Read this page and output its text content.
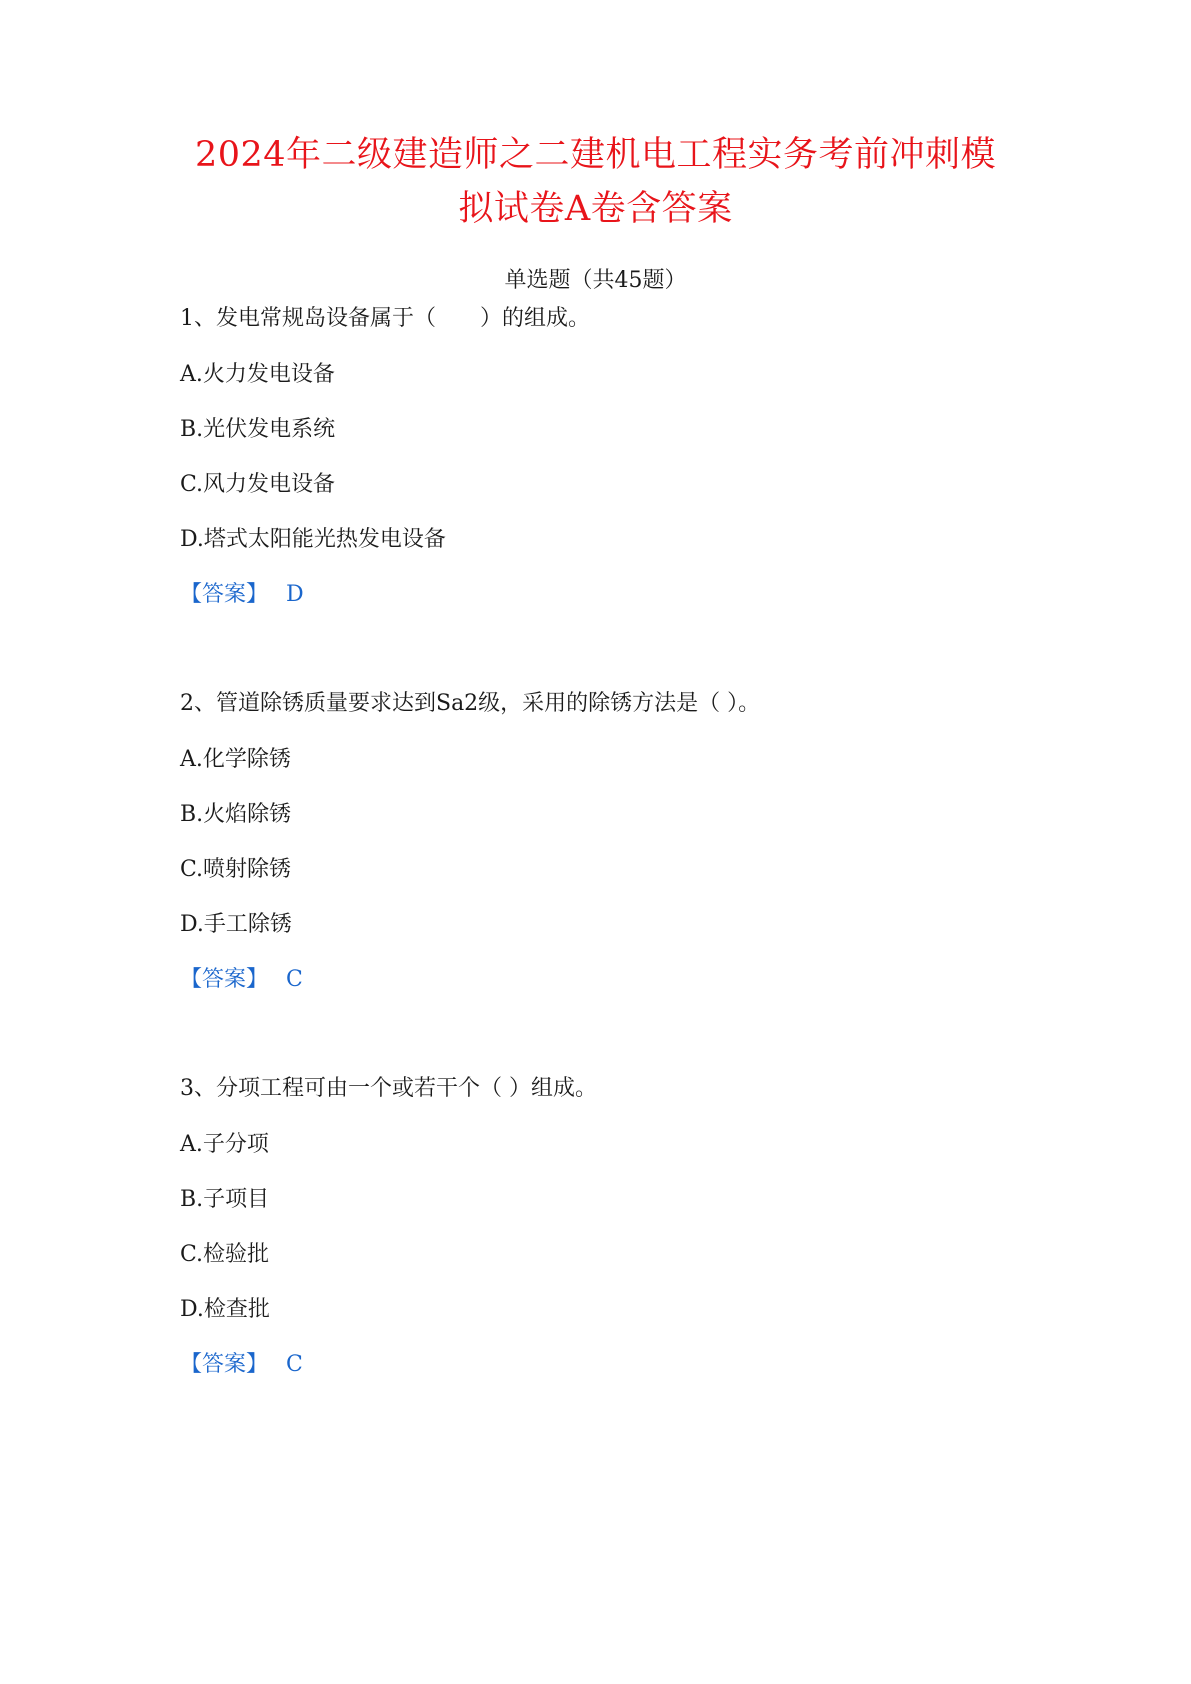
2024年二级建造师之二建机电工程实务考前冲刺模
拟试卷A卷含答案
单选题（共45题）
1、发电常规岛设备属于（　　）的组成。
A.火力发电设备
B.光伏发电系统
C.风力发电设备
D.塔式太阳能光热发电设备
【答案】 D
2、管道除锈质量要求达到Sa2级，采用的除锈方法是（ ）。
A.化学除锈
B.火焰除锈
C.喷射除锈
D.手工除锈
【答案】 C
3、分项工程可由一个或若干个（ ）组成。
A.子分项
B.子项目
C.检验批
D.检查批
【答案】 C
